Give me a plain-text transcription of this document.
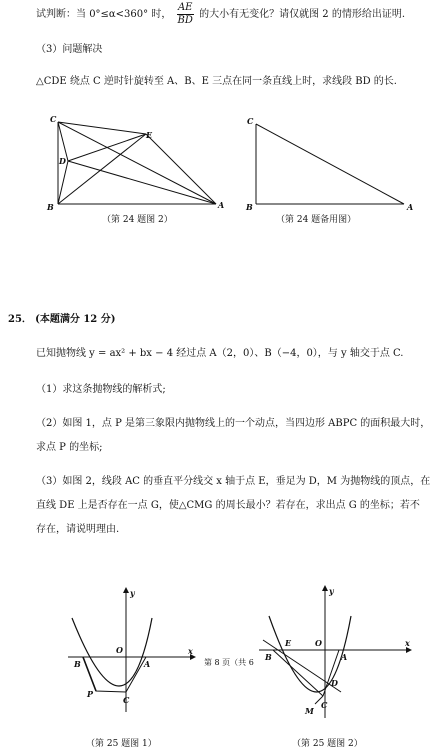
试判断：当 0°≤α<360° 时， $\frac{AE}{BD}$ 的大小有无变化？请仅就图 2 的情形给出证明.
（3）问题解决
△CDE 绕点 C 逆时针旋转至 A、B、E 三点在同一条直线上时，求线段 BD 的长.
C
E
D
B	A
C
B	A
（第 24 题图 2）	（第 24 题备用图）
25． (本题满分 12 分)
已知抛物线 y = ax² + bx − 4 经过点 A（2，0）、B（−4，0），与 y 轴交于点 C.
（1）求这条抛物线的解析式;
（2）如图 1，点 P 是第三象限内抛物线上的一个动点，当四边形 ABPC 的面积最大时，
求点 P 的坐标;
（3）如图 2，线段 AC 的垂直平分线交 x 轴于点 E，垂足为 D，M 为抛物线的顶点，在
直线 DE 上是否存在一点 G，使△CMG 的周长最小？若存在，求出点 G 的坐标；若不
存在，请说明理由.
y
x
O
B	A
P
C
第 8 页（共 6
y
x
O
E
B	A
D
C
M
（第 25 题图 1）	（第 25 题图 2）
